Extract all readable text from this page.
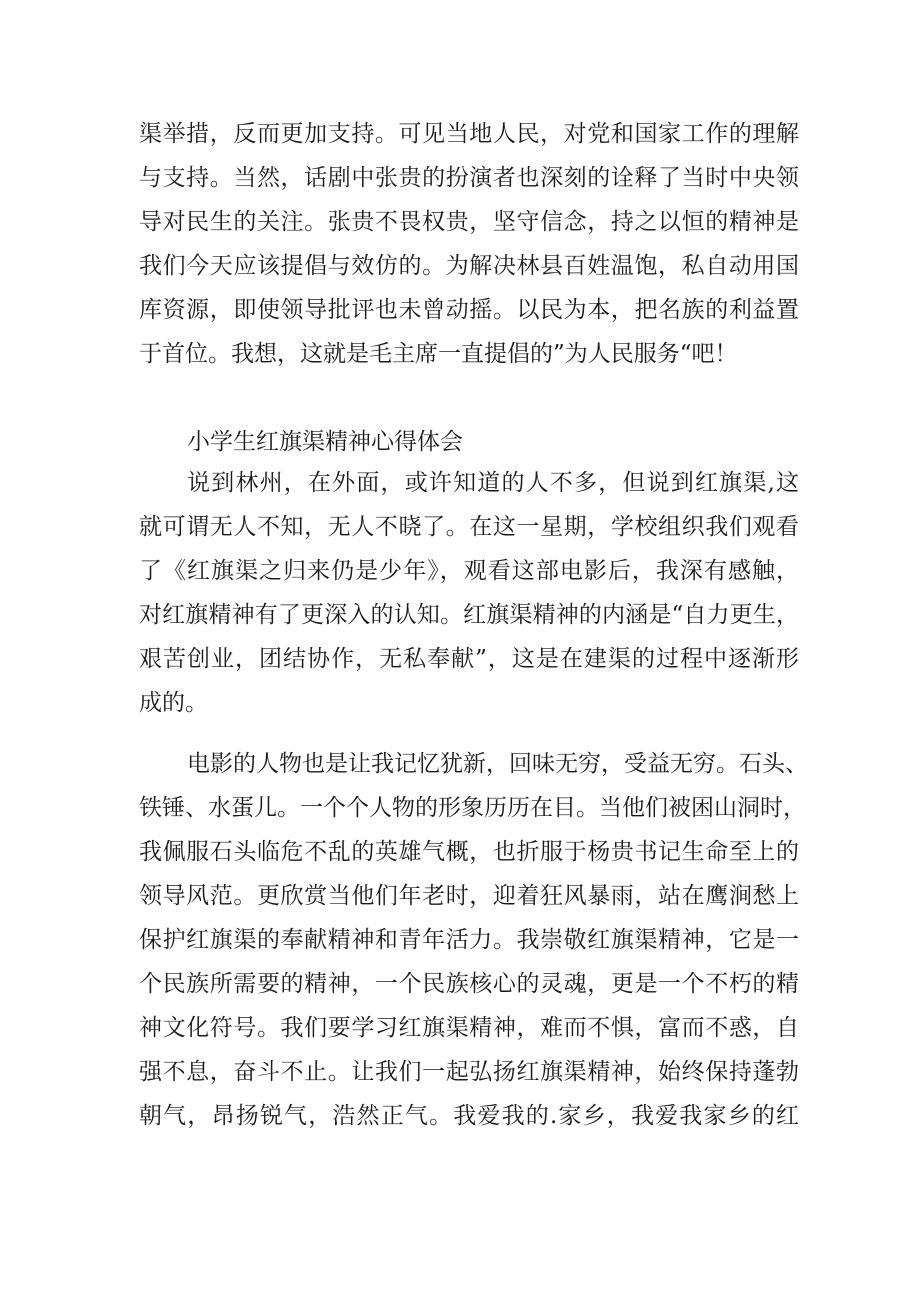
渠举措，反而更加支持。可见当地人民，对党和国家工作的理解
与支持。当然，话剧中张贵的扮演者也深刻的诠释了当时中央领
导对民生的关注。张贵不畏权贵，坚守信念，持之以恒的精神是
我们今天应该提倡与效仿的。为解决林县百姓温饱，私自动用国
库资源，即使领导批评也未曾动摇。以民为本，把名族的利益置
于首位。我想，这就是毛主席一直提倡的”为人民服务“吧！
小学生红旗渠精神心得体会
说到林州，在外面，或许知道的人不多，但说到红旗渠,这
就可谓无人不知，无人不晓了。在这一星期，学校组织我们观看
了《红旗渠之归来仍是少年》，观看这部电影后，我深有感触，
对红旗精神有了更深入的认知。红旗渠精神的内涵是“自力更生，
艰苦创业，团结协作，无私奉献”，这是在建渠的过程中逐渐形
成的。
电影的人物也是让我记忆犹新，回味无穷，受益无穷。石头、
铁锤、水蛋儿。一个个人物的形象历历在目。当他们被困山洞时，
我佩服石头临危不乱的英雄气概，也折服于杨贵书记生命至上的
领导风范。更欣赏当他们年老时，迎着狂风暴雨，站在鹰涧愁上
保护红旗渠的奉献精神和青年活力。我崇敬红旗渠精神，它是一
个民族所需要的精神，一个民族核心的灵魂，更是一个不朽的精
神文化符号。我们要学习红旗渠精神，难而不惧，富而不惑，自
强不息，奋斗不止。让我们一起弘扬红旗渠精神，始终保持蓬勃
朝气，昂扬锐气，浩然正气。我爱我的.家乡，我爱我家乡的红
